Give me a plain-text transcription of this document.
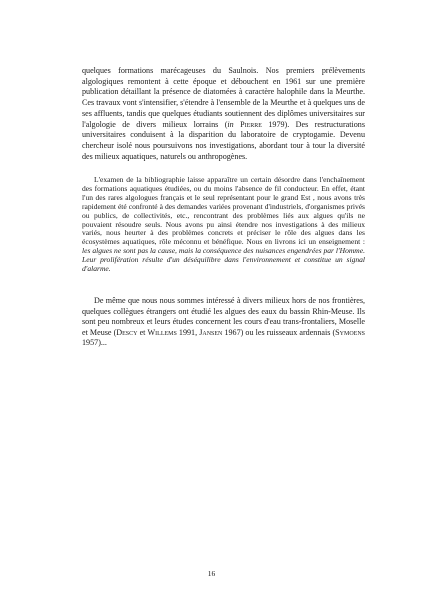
quelques formations marécageuses du Saulnois. Nos premiers prélèvements algologiques remontent à cette époque et débouchent en 1961 sur une première publication détaillant la présence de diatomées à caractère halophile dans la Meurthe. Ces travaux vont s'intensifier, s'étendre à l'ensemble de la Meurthe et à quelques uns de ses affluents, tandis que quelques étudiants soutiennent des diplômes universitaires sur l'algologie de divers milieux lorrains (in Pierre 1979). Des restructurations universitaires conduisent à la disparition du laboratoire de cryptogamie. Devenu chercheur isolé nous poursuivons nos investigations, abordant tour à tour la diversité des milieux aquatiques, naturels ou anthropogènes.

L'examen de la bibliographie laisse apparaître un certain désordre dans l'enchaînement des formations aquatiques étudiées, ou du moins l'absence de fil conducteur. En effet, étant l'un des rares algologues français et le seul représentant pour le grand Est , nous avons très rapidement été confronté à des demandes variées provenant d'industriels, d'organismes privés ou publics, de collectivités, etc., rencontrant des problèmes liés aux algues qu'ils ne pouvaient résoudre seuls. Nous avons pu ainsi étendre nos investigations à des milieux variés, nous heurter à des problèmes concrets et préciser le rôle des algues dans les écosystèmes aquatiques, rôle méconnu et bénéfique. Nous en livrons ici un enseignement : les algues ne sont pas la cause, mais la conséquence des nuisances engendrées par l'Homme. Leur prolifération résulte d'un déséquilibre dans l'environnement et constitue un signal d'alarme.

De même que nous nous sommes intéressé à divers milieux hors de nos frontières, quelques collègues étrangers ont étudié les algues des eaux du bassin Rhin-Meuse. Ils sont peu nombreux et leurs études concernent les cours d'eau trans-frontaliers, Moselle et Meuse (Descy et Willems 1991, Jansen 1967) ou les ruisseaux ardennais (Symoens 1957)...

16
